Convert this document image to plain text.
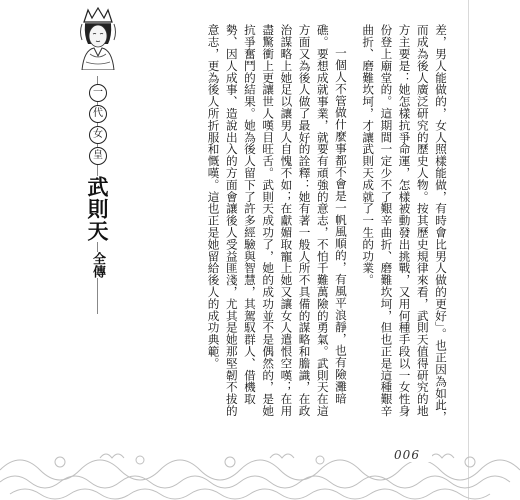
一
代
女
皇
武則天
全傳	差，男人能做的，女人照樣能做，有時會比男人做的更好」。也正因為如此，而成為後人廣泛研究的歷史人物。按其歷史規律來看，武則天值得研究的地方主要是：她怎樣抗爭命運，怎樣被動發出挑戰，又用何種手段以一女性身份登上廟堂的。這期間一定少不了艱辛曲折、磨難坎坷，但也正是這種艱辛曲折、磨難坎坷，才讓武則天成就了一生的功業。

一個人不管做什麼事都不會是一帆風順的，有風平浪靜，也有險灘暗礁。要想成就事業，就要有頑強的意志，不怕千難萬險的勇氣。武則天在這方面又為後人做了最好的詮釋：她有著一般人所不具備的謀略和膽識，在政治謀略上她足以讓男人自愧不如；在獻媚取寵上她又讓女人遣恨空嘆；在用盡驚衝上更讓世人嘆目旺舌。武則天成功了，她的成功並不是偶然的，是她抗爭奮鬥的結果。她為後人留下了許多經驗與智慧，其駕馭群人、借機取勢、因人成事、造說出入的方面會讓後人受益匪淺，尤其是她那堅韌不拔的意志，更為後人所折服和慨嘆。這也正是她留給後人的成功典範。

006
